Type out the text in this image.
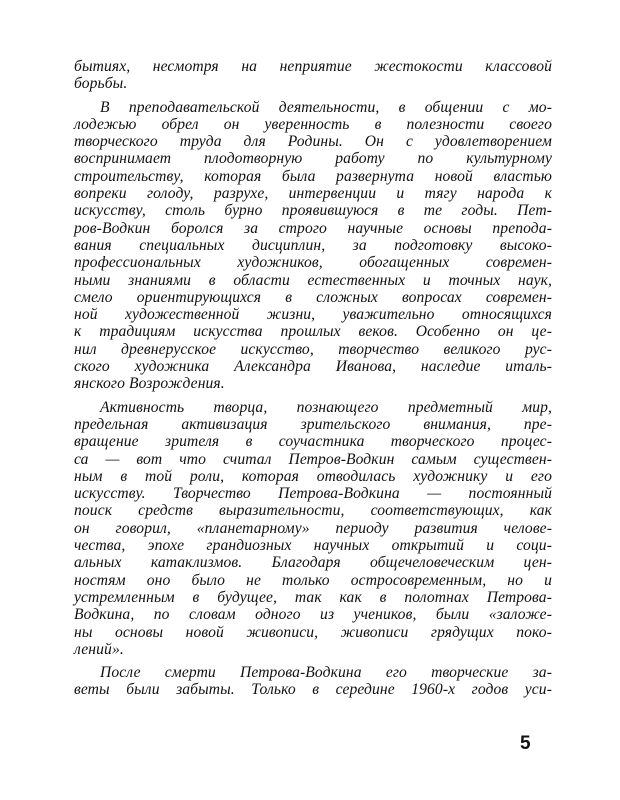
бытиях, несмотря на неприятие жестокости классовой
борьбы.
В преподавательской деятельности, в общении с мо-
лодежью обрел он уверенность в полезности своего
творческого труда для Родины. Он с удовлетворением
воспринимает плодотворную работу по культурному
строительству, которая была развернута новой властью
вопреки голоду, разрухе, интервенции и тягу народа к
искусству, столь бурно проявившуюся в те годы. Пет-
ров-Водкин боролся за строго научные основы препода-
вания специальных дисциплин, за подготовку высоко-
профессиональных художников, обогащенных современ-
ными знаниями в области естественных и точных наук,
смело ориентирующихся в сложных вопросах современ-
ной художественной жизни, уважительно относящихся
к традициям искусства прошлых веков. Особенно он це-
нил древнерусское искусство, творчество великого рус-
ского художника Александра Иванова, наследие италь-
янского Возрождения.
Активность творца, познающего предметный мир,
предельная активизация зрительского внимания, пре-
вращение зрителя в соучастника творческого процес-
са — вот что считал Петров-Водкин самым существен-
ным в той роли, которая отводилась художнику и его
искусству. Творчество Петрова-Водкина — постоянный
поиск средств выразительности, соответствующих, как
он говорил, «планетарному» периоду развития челове-
чества, эпохе грандиозных научных открытий и соци-
альных катаклизмов. Благодаря общечеловеческим цен-
ностям оно было не только остросовременным, но и
устремленным в будущее, так как в полотнах Петрова-
Водкина, по словам одного из учеников, были «заложе-
ны основы новой живописи, живописи грядущих поко-
лений».
После смерти Петрова-Водкина его творческие за-
веты были забыты. Только в середине 1960-х годов уси-
5
